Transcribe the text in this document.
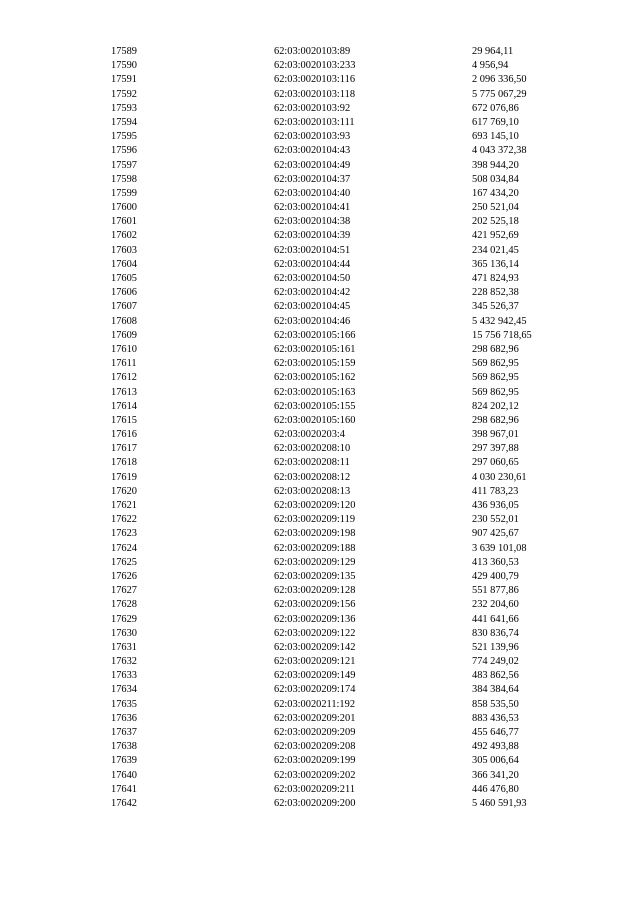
17589	62:03:0020103:89	29 964,11
17590	62:03:0020103:233	4 956,94
17591	62:03:0020103:116	2 096 336,50
17592	62:03:0020103:118	5 775 067,29
17593	62:03:0020103:92	672 076,86
17594	62:03:0020103:111	617 769,10
17595	62:03:0020103:93	693 145,10
17596	62:03:0020104:43	4 043 372,38
17597	62:03:0020104:49	398 944,20
17598	62:03:0020104:37	508 034,84
17599	62:03:0020104:40	167 434,20
17600	62:03:0020104:41	250 521,04
17601	62:03:0020104:38	202 525,18
17602	62:03:0020104:39	421 952,69
17603	62:03:0020104:51	234 021,45
17604	62:03:0020104:44	365 136,14
17605	62:03:0020104:50	471 824,93
17606	62:03:0020104:42	228 852,38
17607	62:03:0020104:45	345 526,37
17608	62:03:0020104:46	5 432 942,45
17609	62:03:0020105:166	15 756 718,65
17610	62:03:0020105:161	298 682,96
17611	62:03:0020105:159	569 862,95
17612	62:03:0020105:162	569 862,95
17613	62:03:0020105:163	569 862,95
17614	62:03:0020105:155	824 202,12
17615	62:03:0020105:160	298 682,96
17616	62:03:0020203:4	398 967,01
17617	62:03:0020208:10	297 397,88
17618	62:03:0020208:11	297 060,65
17619	62:03:0020208:12	4 030 230,61
17620	62:03:0020208:13	411 783,23
17621	62:03:0020209:120	436 936,05
17622	62:03:0020209:119	230 552,01
17623	62:03:0020209:198	907 425,67
17624	62:03:0020209:188	3 639 101,08
17625	62:03:0020209:129	413 360,53
17626	62:03:0020209:135	429 400,79
17627	62:03:0020209:128	551 877,86
17628	62:03:0020209:156	232 204,60
17629	62:03:0020209:136	441 641,66
17630	62:03:0020209:122	830 836,74
17631	62:03:0020209:142	521 139,96
17632	62:03:0020209:121	774 249,02
17633	62:03:0020209:149	483 862,56
17634	62:03:0020209:174	384 384,64
17635	62:03:0020211:192	858 535,50
17636	62:03:0020209:201	883 436,53
17637	62:03:0020209:209	455 646,77
17638	62:03:0020209:208	492 493,88
17639	62:03:0020209:199	305 006,64
17640	62:03:0020209:202	366 341,20
17641	62:03:0020209:211	446 476,80
17642	62:03:0020209:200	5 460 591,93
